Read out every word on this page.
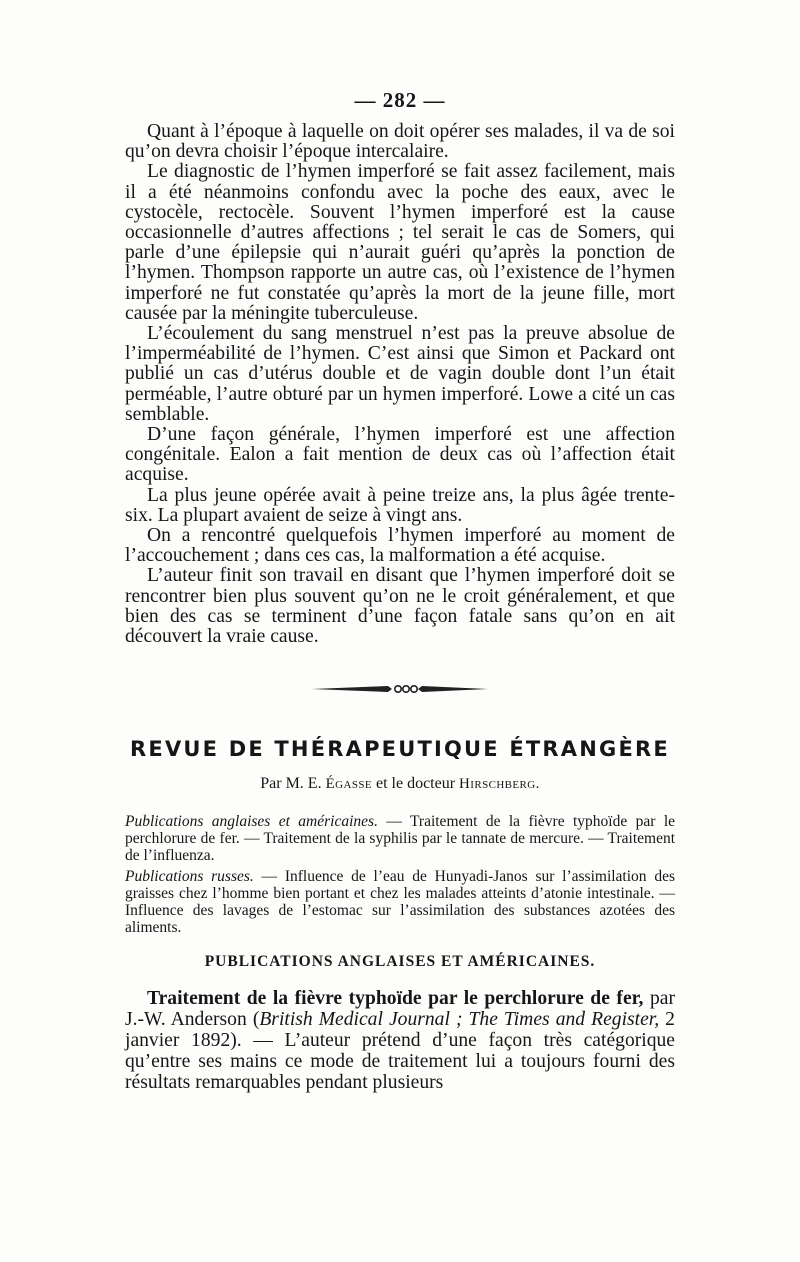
— 282 —

Quant à l’époque à laquelle on doit opérer ses malades, il va de soi qu’on devra choisir l’époque intercalaire.

Le diagnostic de l’hymen imperforé se fait assez facilement, mais il a été néanmoins confondu avec la poche des eaux, avec le cystocèle, rectocèle. Souvent l’hymen imperforé est la cause occasionnelle d’autres affections ; tel serait le cas de Somers, qui parle d’une épilepsie qui n’aurait guéri qu’après la ponction de l’hymen. Thompson rapporte un autre cas, où l’existence de l’hymen imperforé ne fut constatée qu’après la mort de la jeune fille, mort causée par la méningite tuberculeuse.

L’écoulement du sang menstruel n’est pas la preuve absolue de l’imperméabilité de l’hymen. C’est ainsi que Simon et Packard ont publié un cas d’utérus double et de vagin double dont l’un était perméable, l’autre obturé par un hymen imperforé. Lowe a cité un cas semblable.

D’une façon générale, l’hymen imperforé est une affection congénitale. Ealon a fait mention de deux cas où l’affection était acquise.

La plus jeune opérée avait à peine treize ans, la plus âgée trente-six. La plupart avaient de seize à vingt ans.

On a rencontré quelquefois l’hymen imperforé au moment de l’accouchement ; dans ces cas, la malformation a été acquise.

L’auteur finit son travail en disant que l’hymen imperforé doit se rencontrer bien plus souvent qu’on ne le croit généralement, et que bien des cas se terminent d’une façon fatale sans qu’on en ait découvert la vraie cause.

REVUE DE THÉRAPEUTIQUE ÉTRANGÈRE
Par M. E. Égasse et le docteur Hirschberg.

Publications anglaises et américaines. — Traitement de la fièvre typhoïde par le perchlorure de fer. — Traitement de la syphilis par le tannate de mercure. — Traitement de l’influenza.

Publications russes. — Influence de l’eau de Hunyadi-Janos sur l’assimilation des graisses chez l’homme bien portant et chez les malades atteints d’atonie intestinale. — Influence des lavages de l’estomac sur l’assimilation des substances azotées des aliments.

PUBLICATIONS ANGLAISES ET AMÉRICAINES.

Traitement de la fièvre typhoïde par le perchlorure de fer, par J.-W. Anderson (British Medical Journal ; The Times and Register, 2 janvier 1892). — L’auteur prétend d’une façon très catégorique qu’entre ses mains ce mode de traitement lui a toujours fourni des résultats remarquables pendant plusieurs
